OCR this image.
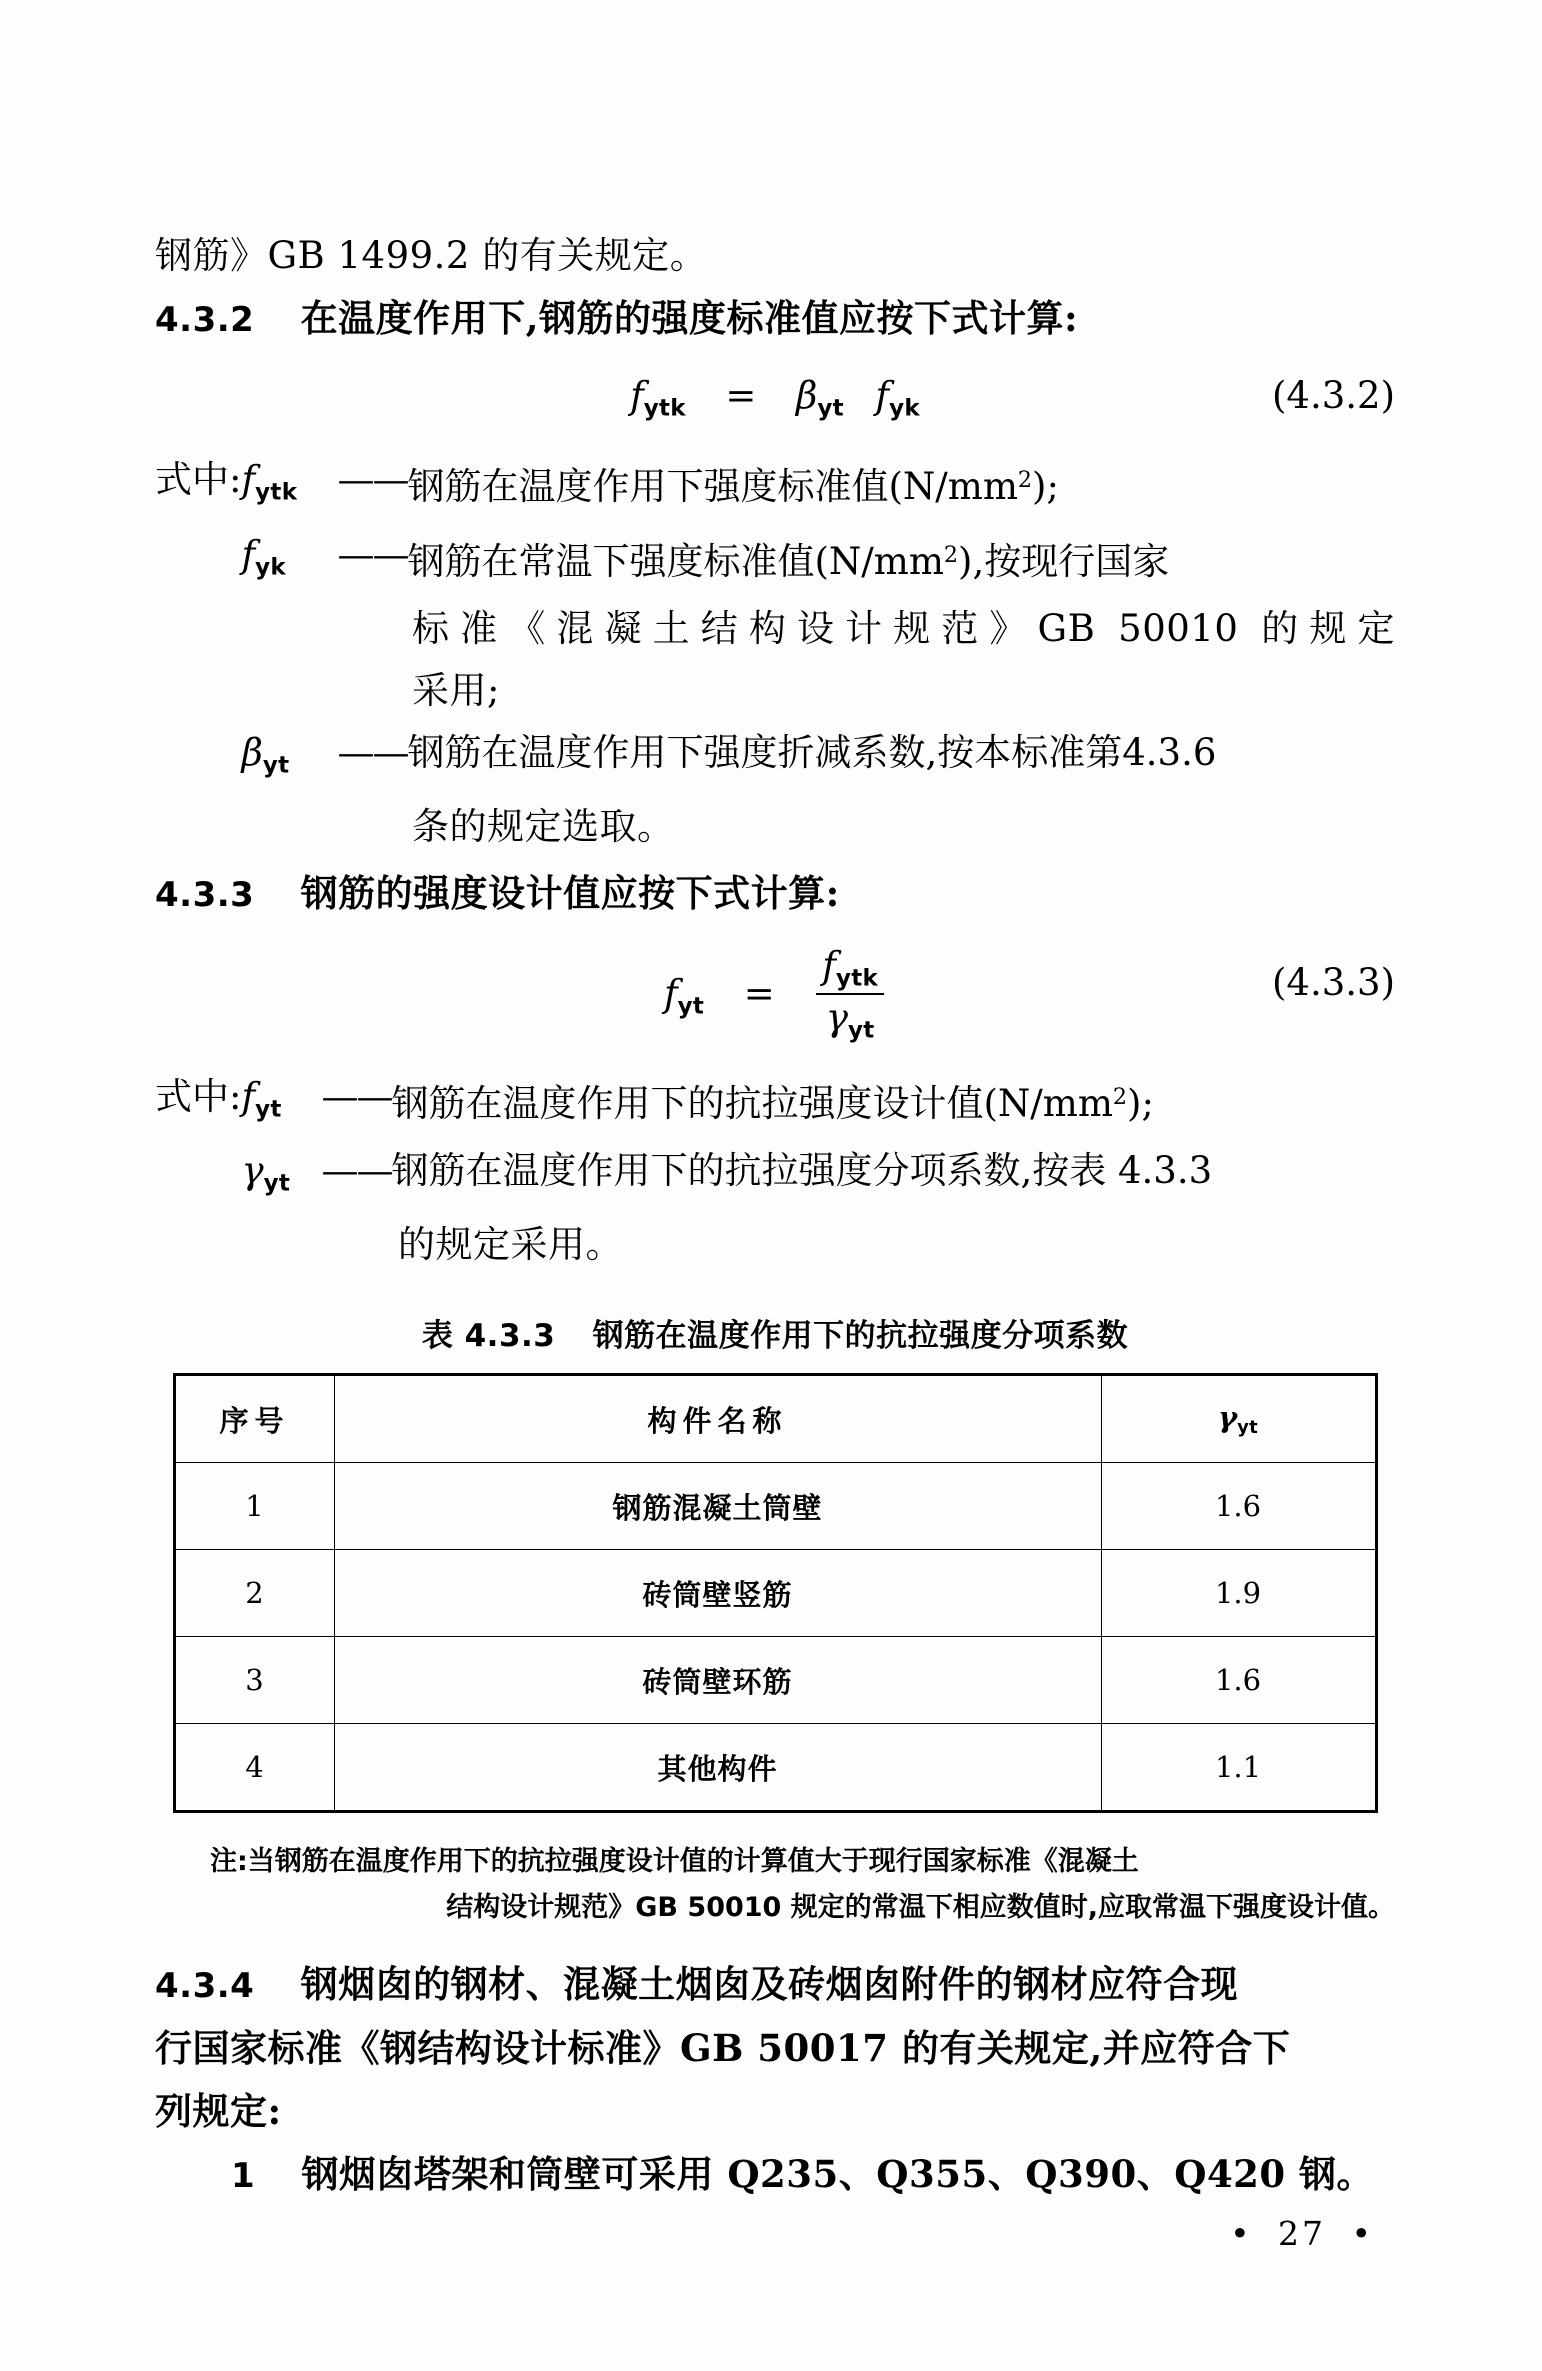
钢筋》GB 1499.2 的有关规定。
4.3.2 在温度作用下,钢筋的强度标准值应按下式计算:
$f_{ytk} = \beta_{yt}$ $f_{yk}$	(4.3.2)
式中: $f_{ytk}$	—— 钢筋在温度作用下强度标准值$(N/mm^2)$;
$f_{yk}$	—— 钢筋在常温下强度标准值$(N/mm^2)$,按现行国家
标准《混凝土结构设计规范》GB 50010 的规定
采用;
$\beta_{yt}$	—— 钢筋在温度作用下强度折减系数,按本标准第4.3.6
条的规定选取。
4.3.3 钢筋的强度设计值应按下式计算:
$f_{yt} = \frac{f_{ytk}}{\gamma_{yt}}$	(4.3.3)
式中: $f_{yt}$	—— 钢筋在温度作用下的抗拉强度设计值$(N/mm^2)$;
$\gamma_{yt}$ —— 钢筋在温度作用下的抗拉强度分项系数,按表 4.3.3
的规定采用。
表 4.3.3 钢筋在温度作用下的抗拉强度分项系数
序号	构件名称	$\gamma_{yt}$
1	钢筋混凝土筒壁	1.6
2	砖筒壁竖筋	1.9
3	砖筒壁环筋	1.6
4	其他构件	1.1
注:当钢筋在温度作用下的抗拉强度设计值的计算值大于现行国家标准《混凝土
结构设计规范》GB 50010 规定的常温下相应数值时,应取常温下强度设计值。
4.3.4 钢烟囱的钢材、混凝土烟囱及砖烟囱附件的钢材应符合现
行国家标准《钢结构设计标准》GB 50017 的有关规定,并应符合下
列规定:
1 钢烟囱塔架和筒壁可采用 Q235、Q355、Q390、Q420 钢。
• 27 •
